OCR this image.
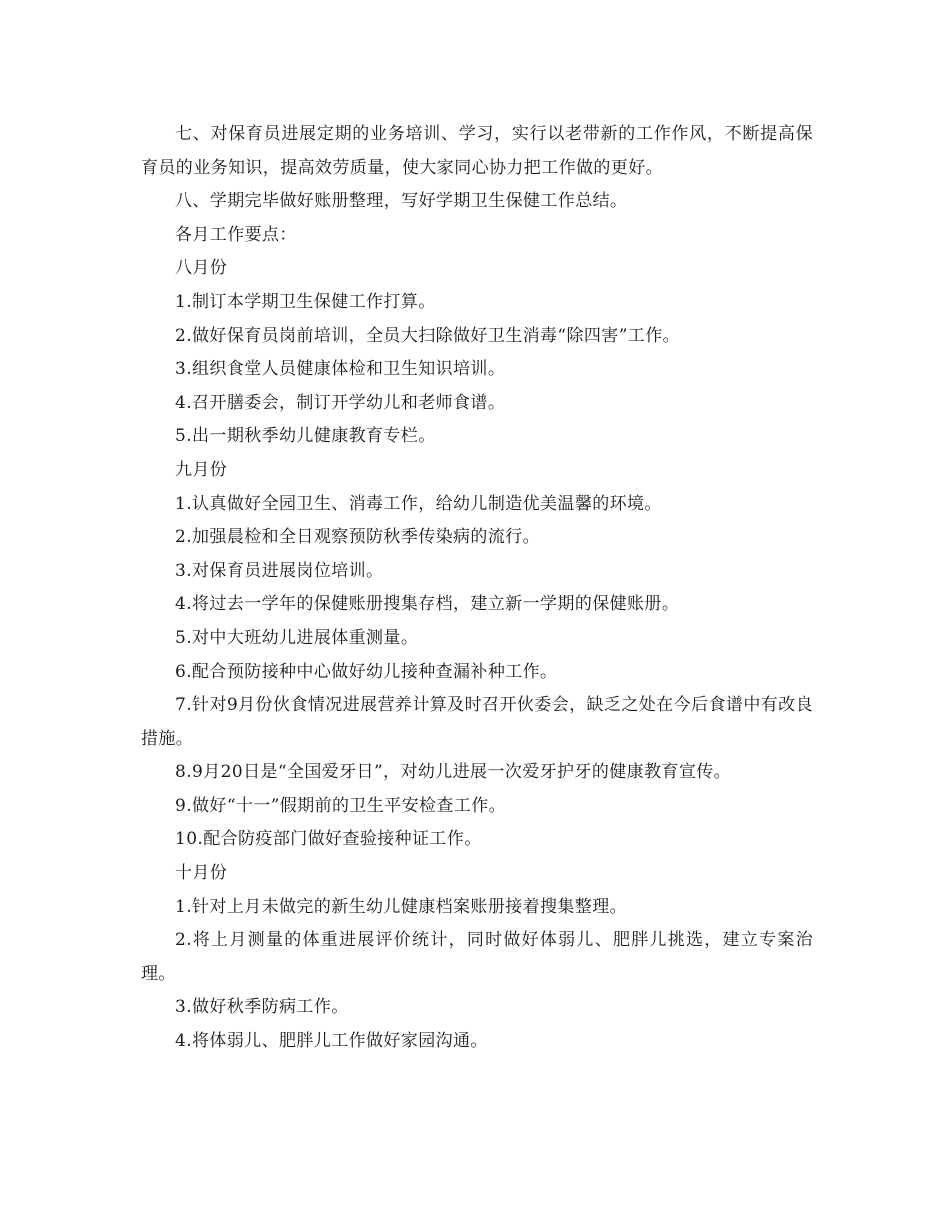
七、对保育员进展定期的业务培训、学习，实行以老带新的工作作风，不断提高保育员的业务知识，提高效劳质量，使大家同心协力把工作做的更好。

八、学期完毕做好账册整理，写好学期卫生保健工作总结。

各月工作要点：

八月份

1.制订本学期卫生保健工作打算。

2.做好保育员岗前培训，全员大扫除做好卫生消毒“除四害”工作。

3.组织食堂人员健康体检和卫生知识培训。

4.召开膳委会，制订开学幼儿和老师食谱。

5.出一期秋季幼儿健康教育专栏。

九月份

1.认真做好全园卫生、消毒工作，给幼儿制造优美温馨的环境。

2.加强晨检和全日观察预防秋季传染病的流行。

3.对保育员进展岗位培训。

4.将过去一学年的保健账册搜集存档，建立新一学期的保健账册。

5.对中大班幼儿进展体重测量。

6.配合预防接种中心做好幼儿接种查漏补种工作。

7.针对9月份伙食情况进展营养计算及时召开伙委会，缺乏之处在今后食谱中有改良措施。

8.9月20日是“全国爱牙日”，对幼儿进展一次爱牙护牙的健康教育宣传。

9.做好“十一”假期前的卫生平安检查工作。

10.配合防疫部门做好查验接种证工作。

十月份

1.针对上月未做完的新生幼儿健康档案账册接着搜集整理。

2.将上月测量的体重进展评价统计，同时做好体弱儿、肥胖儿挑选，建立专案治理。

3.做好秋季防病工作。

4.将体弱儿、肥胖儿工作做好家园沟通。
